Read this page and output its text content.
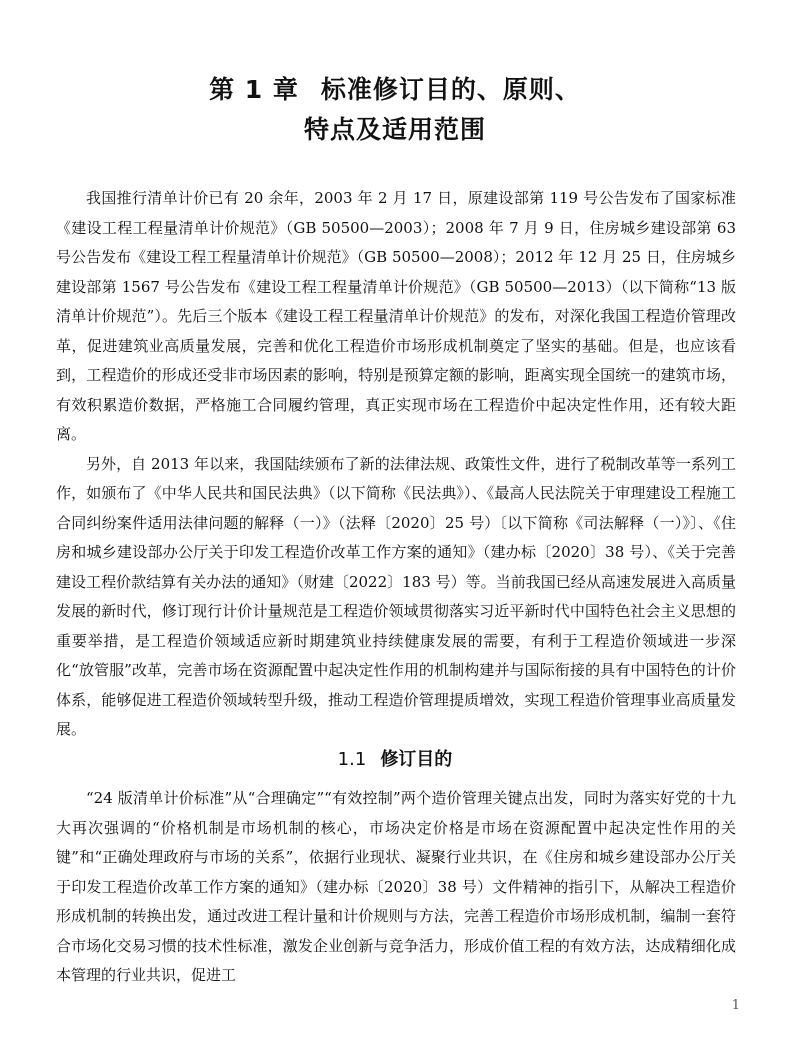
第 1 章 标准修订目的、原则、
特点及适用范围

我国推行清单计价已有 20 余年，2003 年 2 月 17 日，原建设部第 119 号公告发布了国家标准《建设工程工程量清单计价规范》（GB 50500—2003）；2008 年 7 月 9 日，住房城乡建设部第 63 号公告发布《建设工程工程量清单计价规范》（GB 50500—2008）；2012 年 12 月 25 日，住房城乡建设部第 1567 号公告发布《建设工程工程量清单计价规范》（GB 50500—2013）（以下简称“13 版清单计价规范”）。先后三个版本《建设工程工程量清单计价规范》的发布，对深化我国工程造价管理改革，促进建筑业高质量发展，完善和优化工程造价市场形成机制奠定了坚实的基础。但是，也应该看到，工程造价的形成还受非市场因素的影响，特别是预算定额的影响，距离实现全国统一的建筑市场，有效积累造价数据，严格施工合同履约管理，真正实现市场在工程造价中起决定性作用，还有较大距离。

另外，自 2013 年以来，我国陆续颁布了新的法律法规、政策性文件，进行了税制改革等一系列工作，如颁布了《中华人民共和国民法典》（以下简称《民法典》）、《最高人民法院关于审理建设工程施工合同纠纷案件适用法律问题的解释（一）》（法释〔2020〕25 号）〔以下简称《司法解释（一）》〕、《住房和城乡建设部办公厅关于印发工程造价改革工作方案的通知》（建办标〔2020〕38 号）、《关于完善建设工程价款结算有关办法的通知》（财建〔2022〕183 号）等。当前我国已经从高速发展进入高质量发展的新时代，修订现行计价计量规范是工程造价领域贯彻落实习近平新时代中国特色社会主义思想的重要举措，是工程造价领域适应新时期建筑业持续健康发展的需要，有利于工程造价领域进一步深化“放管服”改革，完善市场在资源配置中起决定性作用的机制构建并与国际衔接的具有中国特色的计价体系，能够促进工程造价领域转型升级，推动工程造价管理提质增效，实现工程造价管理事业高质量发展。

1.1 修订目的

“24 版清单计价标准”从“合理确定”“有效控制”两个造价管理关键点出发，同时为落实好党的十九大再次强调的“价格机制是市场机制的核心，市场决定价格是市场在资源配置中起决定性作用的关键”和“正确处理政府与市场的关系”，依据行业现状、凝聚行业共识，在《住房和城乡建设部办公厅关于印发工程造价改革工作方案的通知》（建办标〔2020〕38 号）文件精神的指引下，从解决工程造价形成机制的转换出发，通过改进工程计量和计价规则与方法，完善工程造价市场形成机制，编制一套符合市场化交易习惯的技术性标准，激发企业创新与竞争活力，形成价值工程的有效方法，达成精细化成本管理的行业共识，促进工

1
